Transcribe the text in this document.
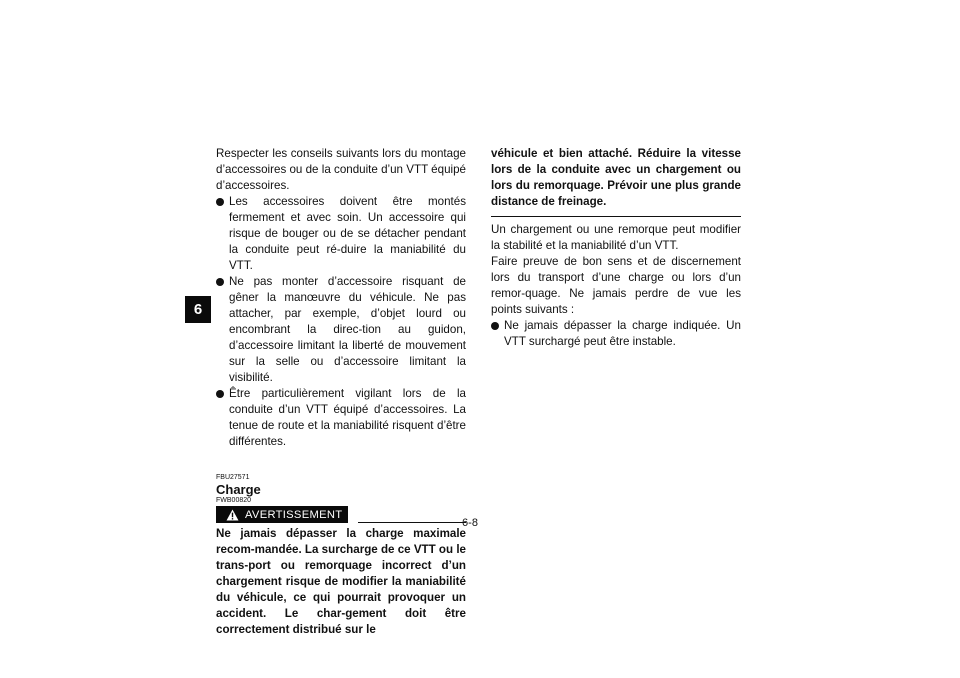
6

Respecter les conseils suivants lors du montage d’accessoires ou de la conduite d’un VTT équipé d’accessoires.

Les accessoires doivent être montés fermement et avec soin. Un accessoire qui risque de bouger ou de se détacher pendant la conduite peut ré-duire la maniabilité du VTT.
Ne pas monter d’accessoire risquant de gêner la manœuvre du véhicule. Ne pas attacher, par exemple, d’objet lourd ou encombrant la direc-tion au guidon, d’accessoire limitant la liberté de mouvement sur la selle ou d’accessoire limitant la visibilité.
Être particulièrement vigilant lors de la conduite d’un VTT équipé d’accessoires. La tenue de route et la maniabilité risquent d’être différentes.

FBU27571

Charge

FWB00820

AVERTISSEMENT

Ne jamais dépasser la charge maximale recom-mandée. La surcharge de ce VTT ou le trans-port ou remorquage incorrect d’un chargement risque de modifier la maniabilité du véhicule, ce qui pourrait provoquer un accident. Le char-gement doit être correctement distribué sur le

véhicule et bien attaché. Réduire la vitesse lors de la conduite avec un chargement ou lors du remorquage. Prévoir une plus grande distance de freinage.

Un chargement ou une remorque peut modifier la stabilité et la maniabilité d’un VTT.

Faire preuve de bon sens et de discernement lors du transport d’une charge ou lors d’un remor-quage. Ne jamais perdre de vue les points suivants :

Ne jamais dépasser la charge indiquée. Un VTT surchargé peut être instable.
6-8
